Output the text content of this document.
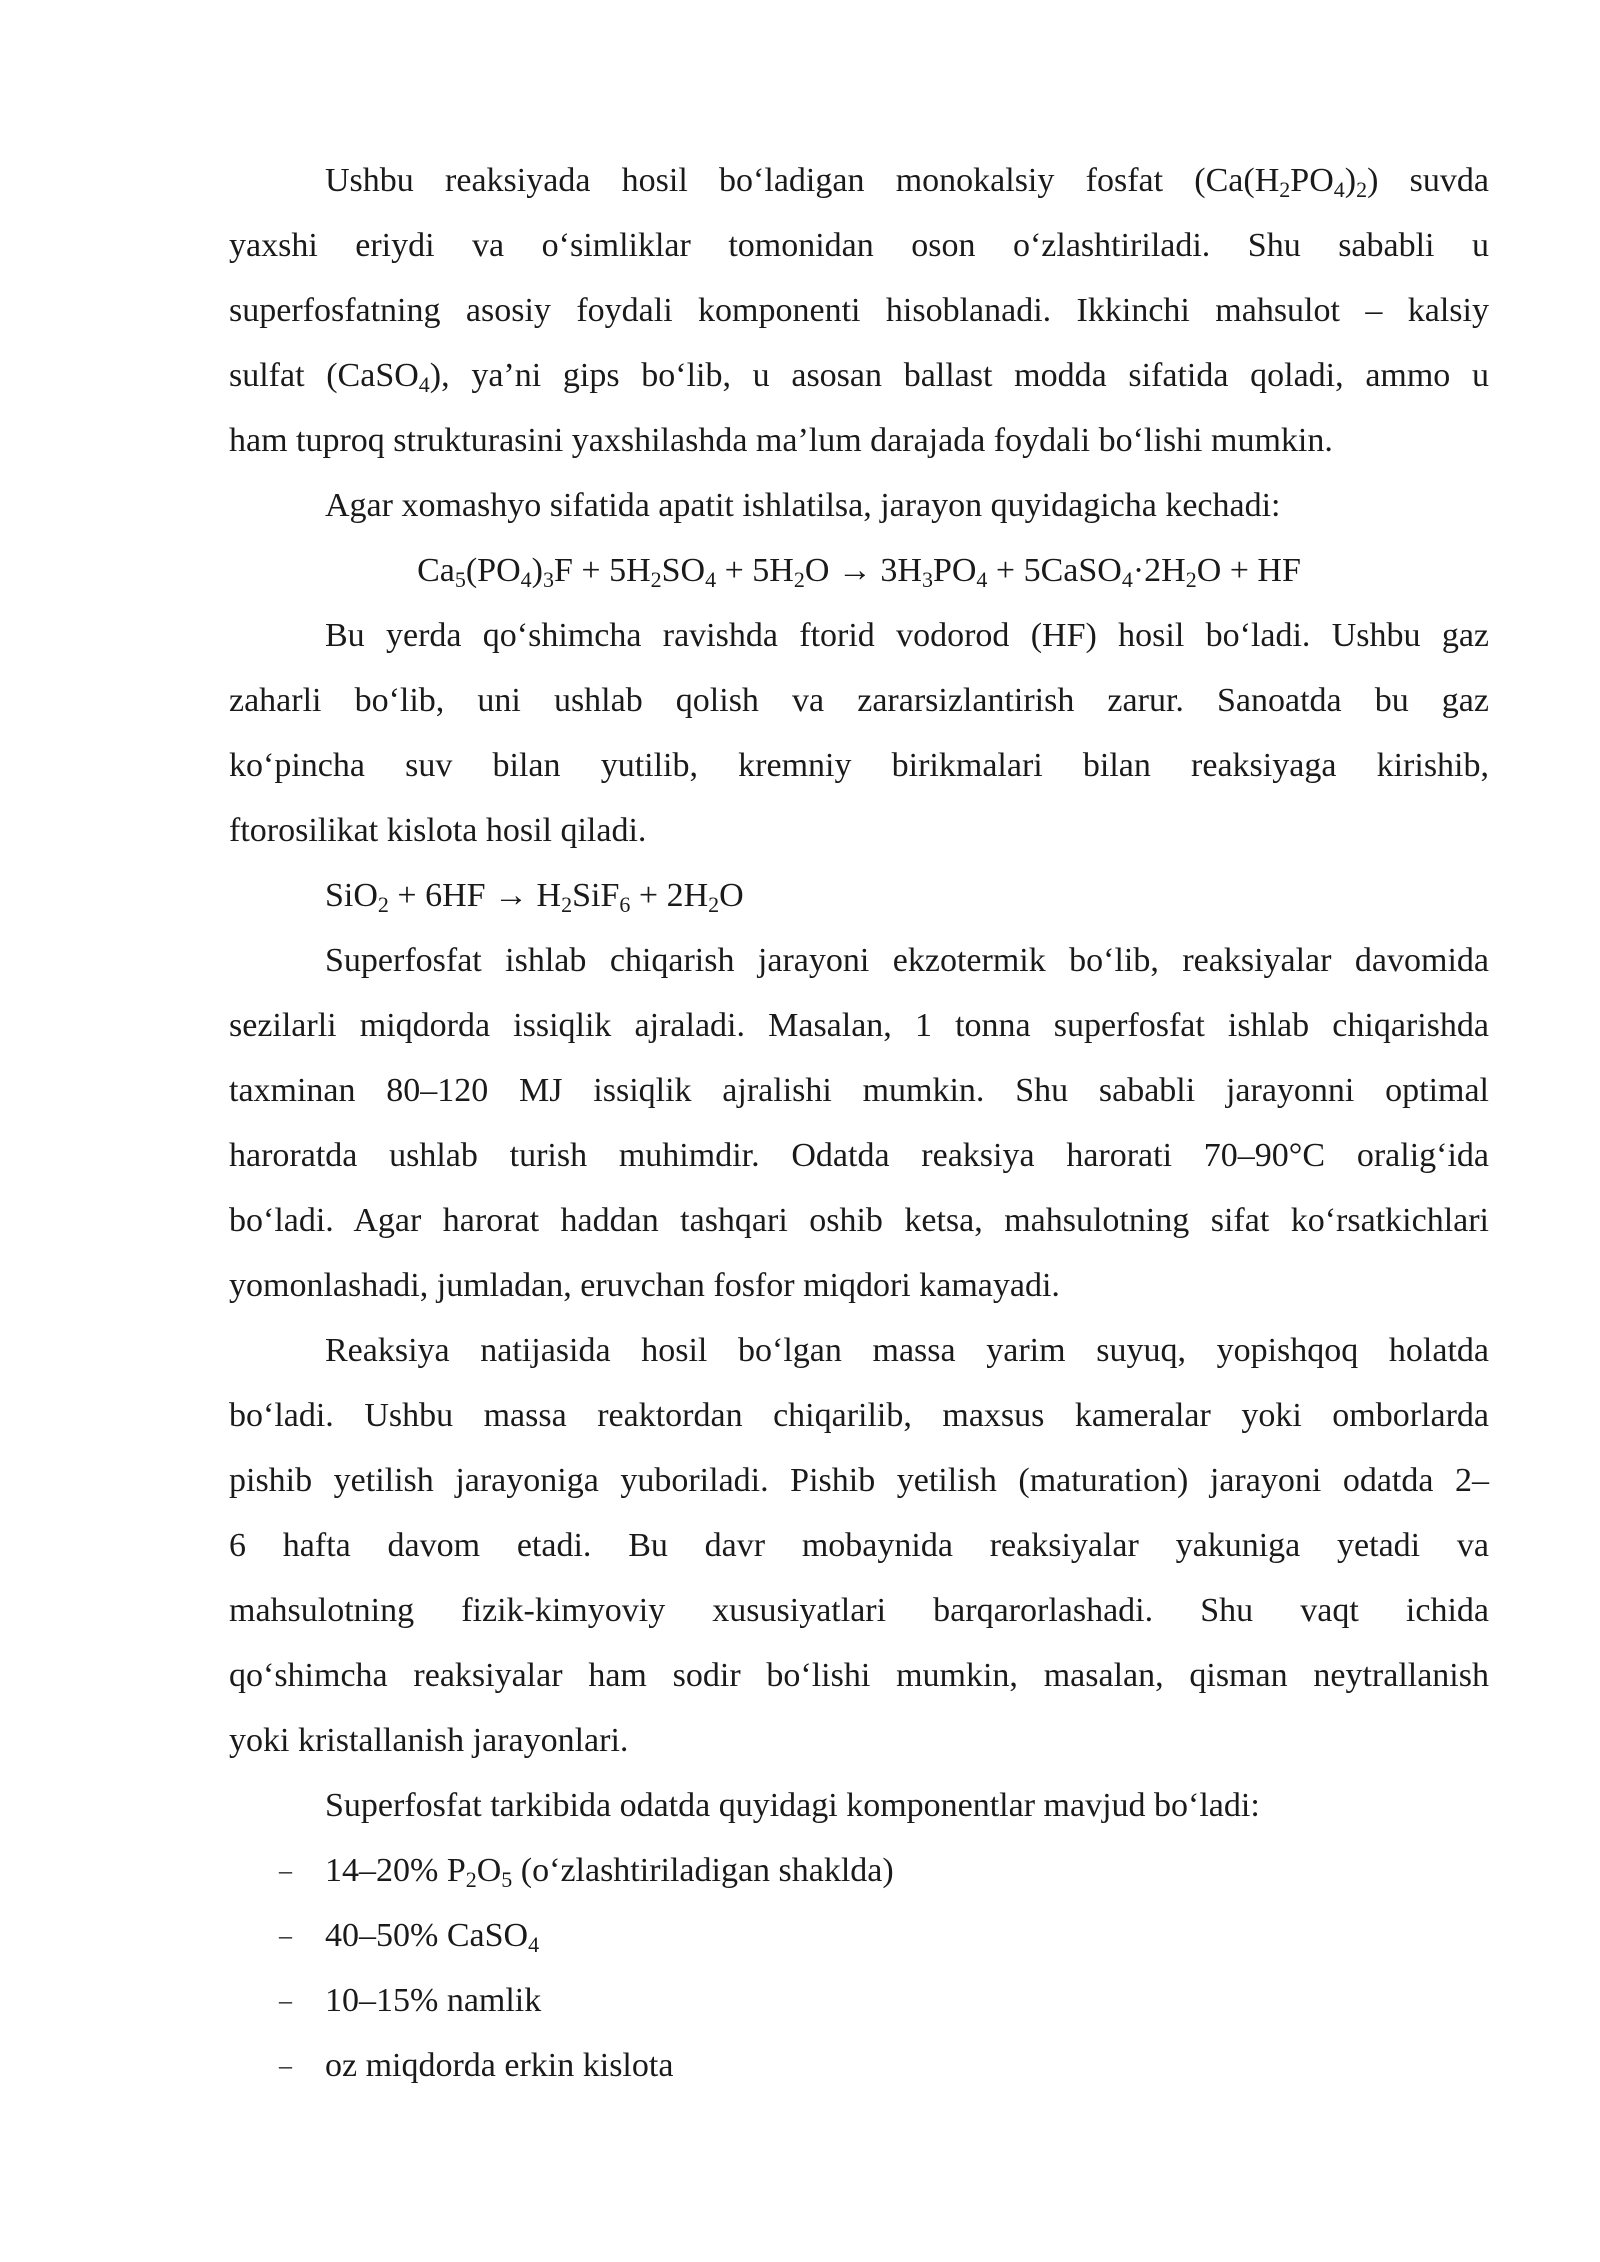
Ushbu reaksiyada hosil bo‘ladigan monokalsiy fosfat $(Ca(H_2PO_4)_2)$ suvda
yaxshi eriydi va o‘simliklar tomonidan oson o‘zlashtiriladi. Shu sababli u
superfosfatning asosiy foydali komponenti hisoblanadi. Ikkinchi mahsulot – kalsiy
sulfat (CaSO$_4$), ya’ni gips bo‘lib, u asosan ballast modda sifatida qoladi, ammo u
ham tuproq strukturasini yaxshilashda ma’lum darajada foydali bo‘lishi mumkin.
Agar xomashyo sifatida apatit ishlatilsa, jarayon quyidagicha kechadi:
$Ca_5(PO_4)_3F + 5H_2SO_4 + 5H_2O \to 3H_3PO_4$ + $5CaSO_4\cdot 2H_2O$ + HF
Bu yerda qo‘shimcha ravishda ftorid vodorod (HF) hosil bo‘ladi. Ushbu gaz
zaharli bo‘lib, uni ushlab qolish va zararsizlantirish zarur. Sanoatda bu gaz
ko‘pincha suv bilan yutilib, kremniy birikmalari bilan reaksiyaga kirishib,
ftorosilikat kislota hosil qiladi.
$SiO_2 + 6HF \to H_2SiF_6 + 2H_2O$
Superfosfat ishlab chiqarish jarayoni ekzotermik bo‘lib, reaksiyalar davomida
sezilarli miqdorda issiqlik ajraladi. Masalan, 1 tonna superfosfat ishlab chiqarishda
taxminan 80–120 MJ issiqlik ajralishi mumkin. Shu sababli jarayonni optimal
haroratda ushlab turish muhimdir. Odatda reaksiya harorati 70–90°C oralig‘ida
bo‘ladi. Agar harorat haddan tashqari oshib ketsa, mahsulotning sifat ko‘rsatkichlari
yomonlashadi, jumladan, eruvchan fosfor miqdori kamayadi.
Reaksiya natijasida hosil bo‘lgan massa yarim suyuq, yopishqoq holatda
bo‘ladi. Ushbu massa reaktordan chiqarilib, maxsus kameralar yoki omborlarda
pishib yetilish jarayoniga yuboriladi. Pishib yetilish (maturation) jarayoni odatda 2–
6 hafta davom etadi. Bu davr mobaynida reaksiyalar yakuniga yetadi va
mahsulotning fizik-kimyoviy xususiyatlari barqarorlashadi. Shu vaqt ichida
qo‘shimcha reaksiyalar ham sodir bo‘lishi mumkin, masalan, qisman neytrallanish
yoki kristallanish jarayonlari.
Superfosfat tarkibida odatda quyidagi komponentlar mavjud bo‘ladi:
– 14–20% $P_2O_5$ (o‘zlashtiriladigan shaklda)
– 40–50% CaSO$_4$
– 10–15% namlik
– oz miqdorda erkin kislota
